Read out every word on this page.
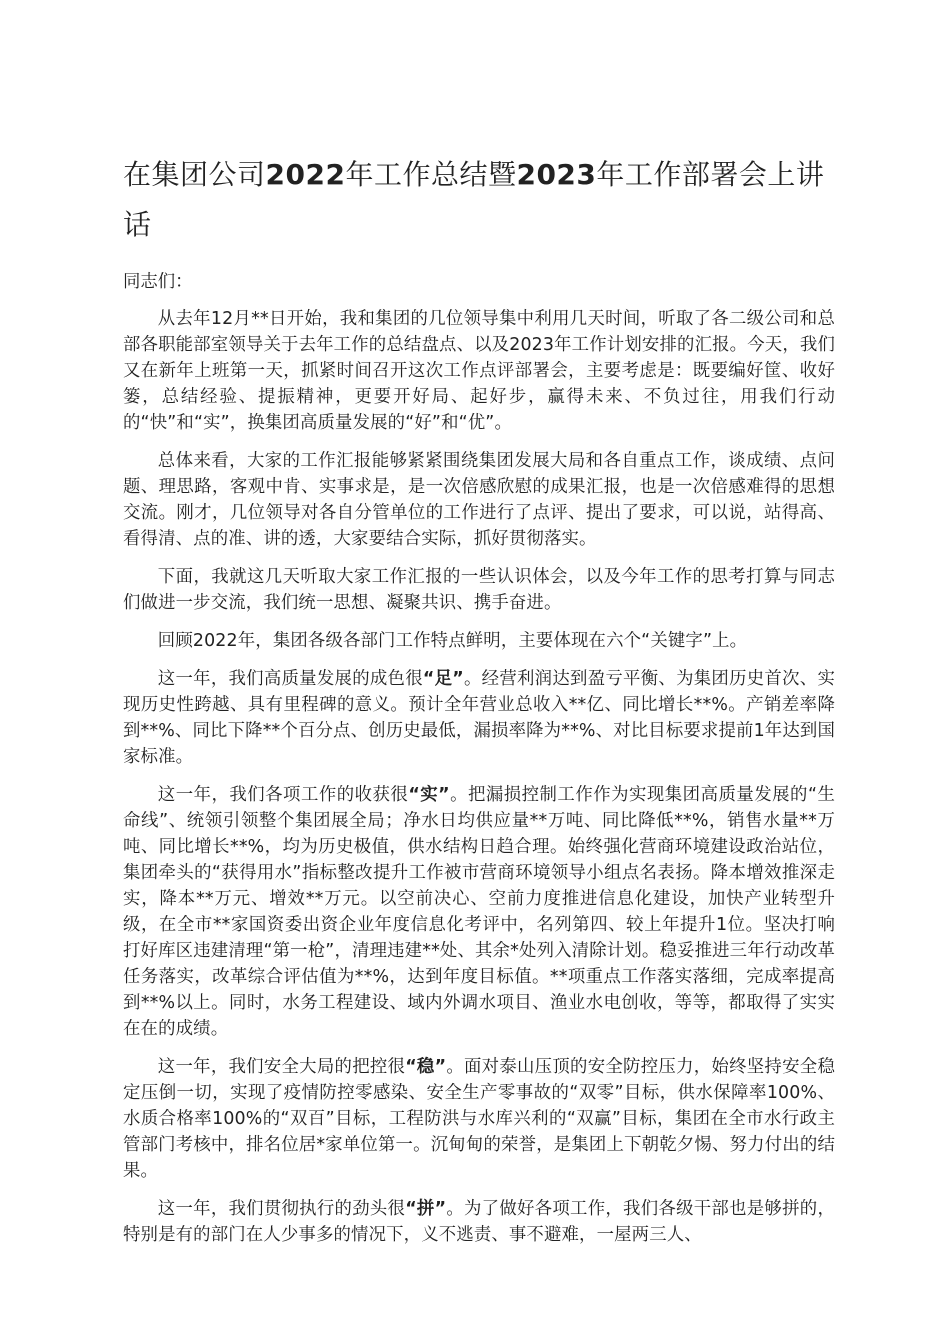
在集团公司2022年工作总结暨2023年工作部署会上讲话

同志们：

从去年12月**日开始，我和集团的几位领导集中利用几天时间，听取了各二级公司和总部各职能部室领导关于去年工作的总结盘点、以及2023年工作计划安排的汇报。今天，我们又在新年上班第一天，抓紧时间召开这次工作点评部署会，主要考虑是：既要编好筐、收好篓，总结经验、提振精神，更要开好局、起好步，赢得未来、不负过往，用我们行动的“快”和“实”，换集团高质量发展的“好”和“优”。

总体来看，大家的工作汇报能够紧紧围绕集团发展大局和各自重点工作，谈成绩、点问题、理思路，客观中肯、实事求是，是一次倍感欣慰的成果汇报，也是一次倍感难得的思想交流。刚才，几位领导对各自分管单位的工作进行了点评、提出了要求，可以说，站得高、看得清、点的准、讲的透，大家要结合实际，抓好贯彻落实。

下面，我就这几天听取大家工作汇报的一些认识体会，以及今年工作的思考打算与同志们做进一步交流，我们统一思想、凝聚共识、携手奋进。

回顾2022年，集团各级各部门工作特点鲜明，主要体现在六个“关键字”上。

这一年，我们高质量发展的成色很“足”。经营利润达到盈亏平衡、为集团历史首次、实现历史性跨越、具有里程碑的意义。预计全年营业总收入**亿、同比增长**%。产销差率降到**%、同比下降**个百分点、创历史最低，漏损率降为**%、对比目标要求提前1年达到国家标准。

这一年，我们各项工作的收获很“实”。把漏损控制工作作为实现集团高质量发展的“生命线”、统领引领整个集团展全局；净水日均供应量**万吨、同比降低**%，销售水量**万吨、同比增长**%，均为历史极值，供水结构日趋合理。始终强化营商环境建设政治站位，集团牵头的“获得用水”指标整改提升工作被市营商环境领导小组点名表扬。降本增效推深走实，降本**万元、增效**万元。以空前决心、空前力度推进信息化建设，加快产业转型升级，在全市**家国资委出资企业年度信息化考评中，名列第四、较上年提升1位。坚决打响打好库区违建清理“第一枪”，清理违建**处、其余*处列入清除计划。稳妥推进三年行动改革任务落实，改革综合评估值为**%，达到年度目标值。**项重点工作落实落细，完成率提高到**%以上。同时，水务工程建设、域内外调水项目、渔业水电创收，等等，都取得了实实在在的成绩。

这一年，我们安全大局的把控很“稳”。面对泰山压顶的安全防控压力，始终坚持安全稳定压倒一切，实现了疫情防控零感染、安全生产零事故的“双零”目标，供水保障率100%、水质合格率100%的“双百”目标，工程防洪与水库兴利的“双赢”目标，集团在全市水行政主管部门考核中，排名位居*家单位第一。沉甸甸的荣誉，是集团上下朝乾夕惕、努力付出的结果。

这一年，我们贯彻执行的劲头很“拼”。为了做好各项工作，我们各级干部也是够拼的，特别是有的部门在人少事多的情况下，义不逃责、事不避难，一屋两三人、
